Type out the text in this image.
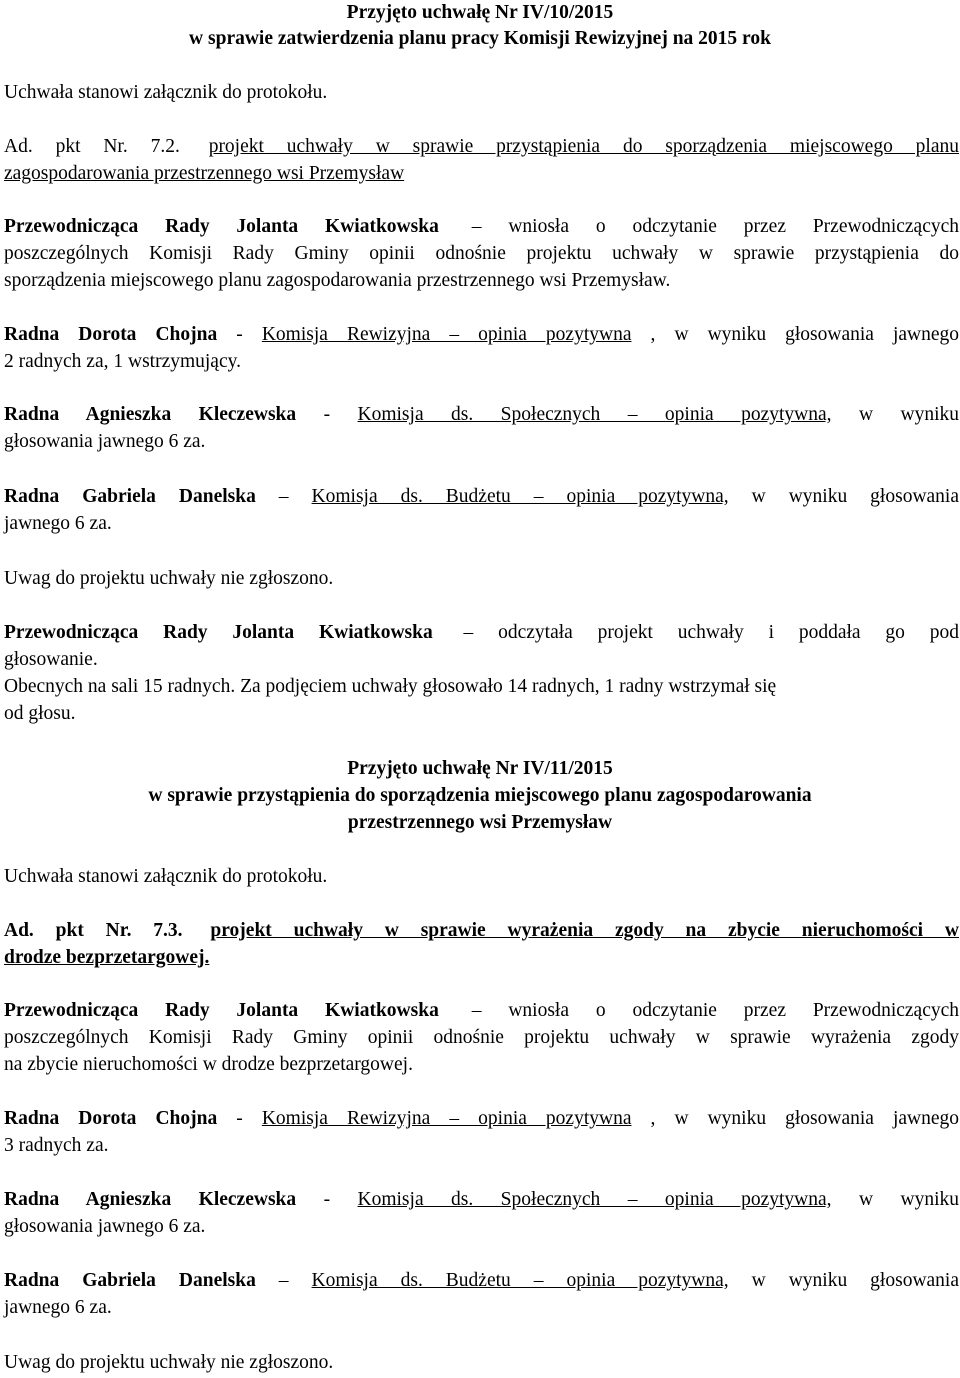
Przyjęto uchwałę Nr IV/10/2015
w sprawie zatwierdzenia planu pracy Komisji Rewizyjnej na 2015 rok
Uchwała stanowi załącznik do protokołu.
Ad. pkt Nr. 7.2. projekt uchwały w sprawie przystąpienia do sporządzenia miejscowego planu
zagospodarowania przestrzennego wsi Przemysław
Przewodnicząca Rady Jolanta Kwiatkowska – wniosła o odczytanie przez Przewodniczących
poszczególnych Komisji Rady Gminy opinii odnośnie projektu uchwały w sprawie przystąpienia do
sporządzenia miejscowego planu zagospodarowania przestrzennego wsi Przemysław.
Radna Dorota Chojna - Komisja Rewizyjna – opinia pozytywna , w wyniku głosowania jawnego
2 radnych za, 1 wstrzymujący.
Radna Agnieszka Kleczewska - Komisja ds. Społecznych – opinia pozytywna, w wyniku
głosowania jawnego 6 za.
Radna Gabriela Danelska – Komisja ds. Budżetu – opinia pozytywna, w wyniku głosowania
jawnego 6 za.
Uwag do projektu uchwały nie zgłoszono.
Przewodnicząca Rady Jolanta Kwiatkowska – odczytała projekt uchwały i poddała go pod
głosowanie.
Obecnych na sali 15 radnych. Za podjęciem uchwały głosowało 14 radnych, 1 radny wstrzymał się
od głosu.
Przyjęto uchwałę Nr IV/11/2015
w sprawie przystąpienia do sporządzenia miejscowego planu zagospodarowania
przestrzennego wsi Przemysław
Uchwała stanowi załącznik do protokołu.
Ad. pkt Nr. 7.3. projekt uchwały w sprawie wyrażenia zgody na zbycie nieruchomości w
drodze bezprzetargowej.
Przewodnicząca Rady Jolanta Kwiatkowska – wniosła o odczytanie przez Przewodniczących
poszczególnych Komisji Rady Gminy opinii odnośnie projektu uchwały w sprawie wyrażenia zgody
na zbycie nieruchomości w drodze bezprzetargowej.
Radna Dorota Chojna - Komisja Rewizyjna – opinia pozytywna , w wyniku głosowania jawnego
3 radnych za.
Radna Agnieszka Kleczewska - Komisja ds. Społecznych – opinia pozytywna, w wyniku
głosowania jawnego 6 za.
Radna Gabriela Danelska – Komisja ds. Budżetu – opinia pozytywna, w wyniku głosowania
jawnego 6 za.
Uwag do projektu uchwały nie zgłoszono.
